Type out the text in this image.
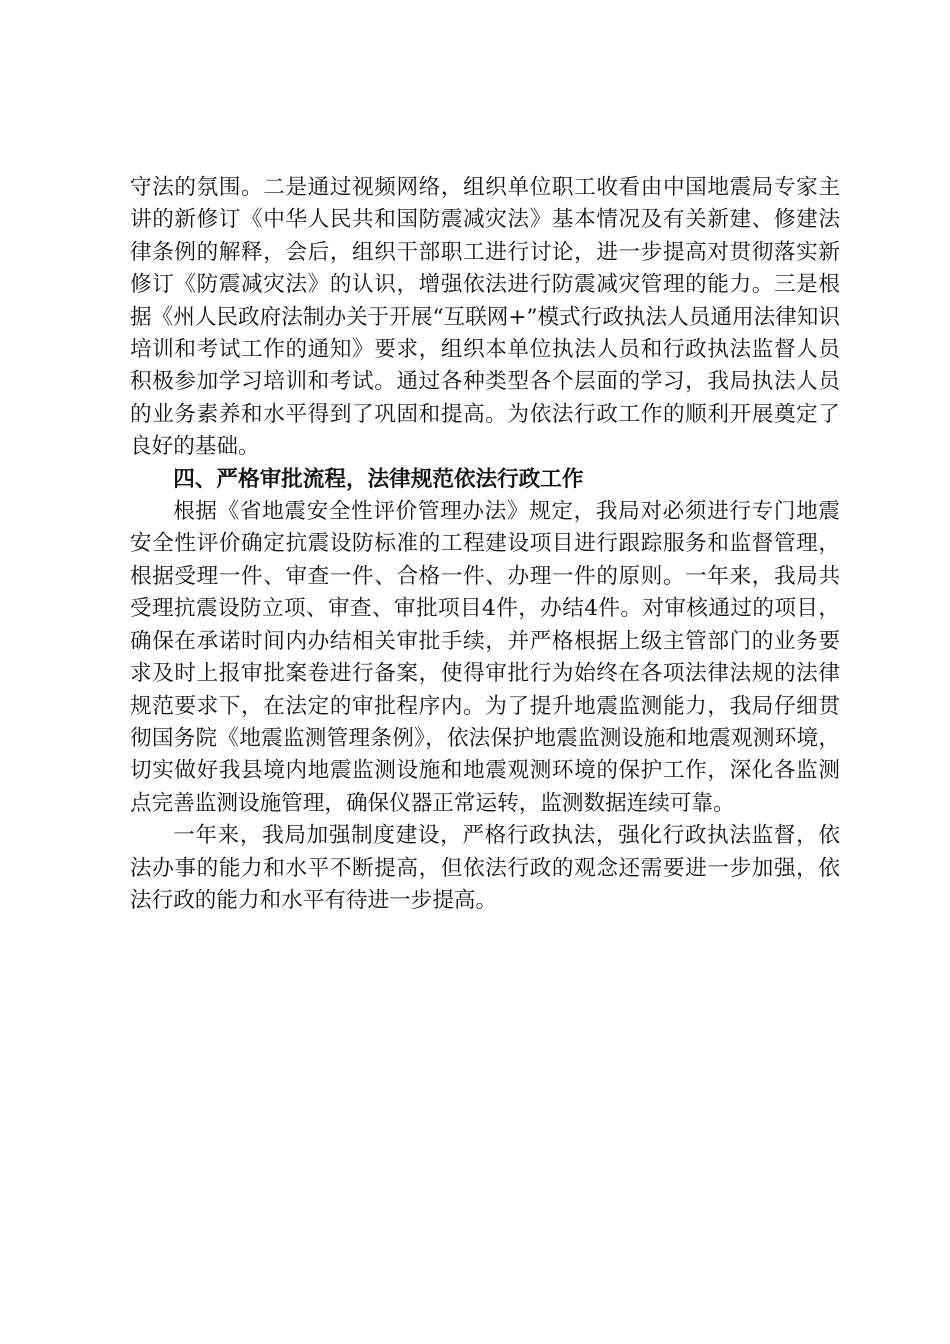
守法的氛围。二是通过视频网络，组织单位职工收看由中国地震局专家主讲的新修订《中华人民共和国防震减灾法》基本情况及有关新建、修建法律条例的解释，会后，组织干部职工进行讨论，进一步提高对贯彻落实新修订《防震减灾法》的认识，增强依法进行防震减灾管理的能力。三是根据《州人民政府法制办关于开展“互联网+”模式行政执法人员通用法律知识培训和考试工作的通知》要求，组织本单位执法人员和行政执法监督人员积极参加学习培训和考试。通过各种类型各个层面的学习，我局执法人员的业务素养和水平得到了巩固和提高。为依法行政工作的顺利开展奠定了良好的基础。

四、严格审批流程，法律规范依法行政工作

根据《省地震安全性评价管理办法》规定，我局对必须进行专门地震安全性评价确定抗震设防标准的工程建设项目进行跟踪服务和监督管理，根据受理一件、审查一件、合格一件、办理一件的原则。一年来，我局共受理抗震设防立项、审查、审批项目4件，办结4件。对审核通过的项目，确保在承诺时间内办结相关审批手续，并严格根据上级主管部门的业务要求及时上报审批案卷进行备案，使得审批行为始终在各项法律法规的法律规范要求下，在法定的审批程序内。为了提升地震监测能力，我局仔细贯彻国务院《地震监测管理条例》，依法保护地震监测设施和地震观测环境，切实做好我县境内地震监测设施和地震观测环境的保护工作，深化各监测点完善监测设施管理，确保仪器正常运转，监测数据连续可靠。

一年来，我局加强制度建设，严格行政执法，强化行政执法监督，依法办事的能力和水平不断提高，但依法行政的观念还需要进一步加强，依法行政的能力和水平有待进一步提高。
